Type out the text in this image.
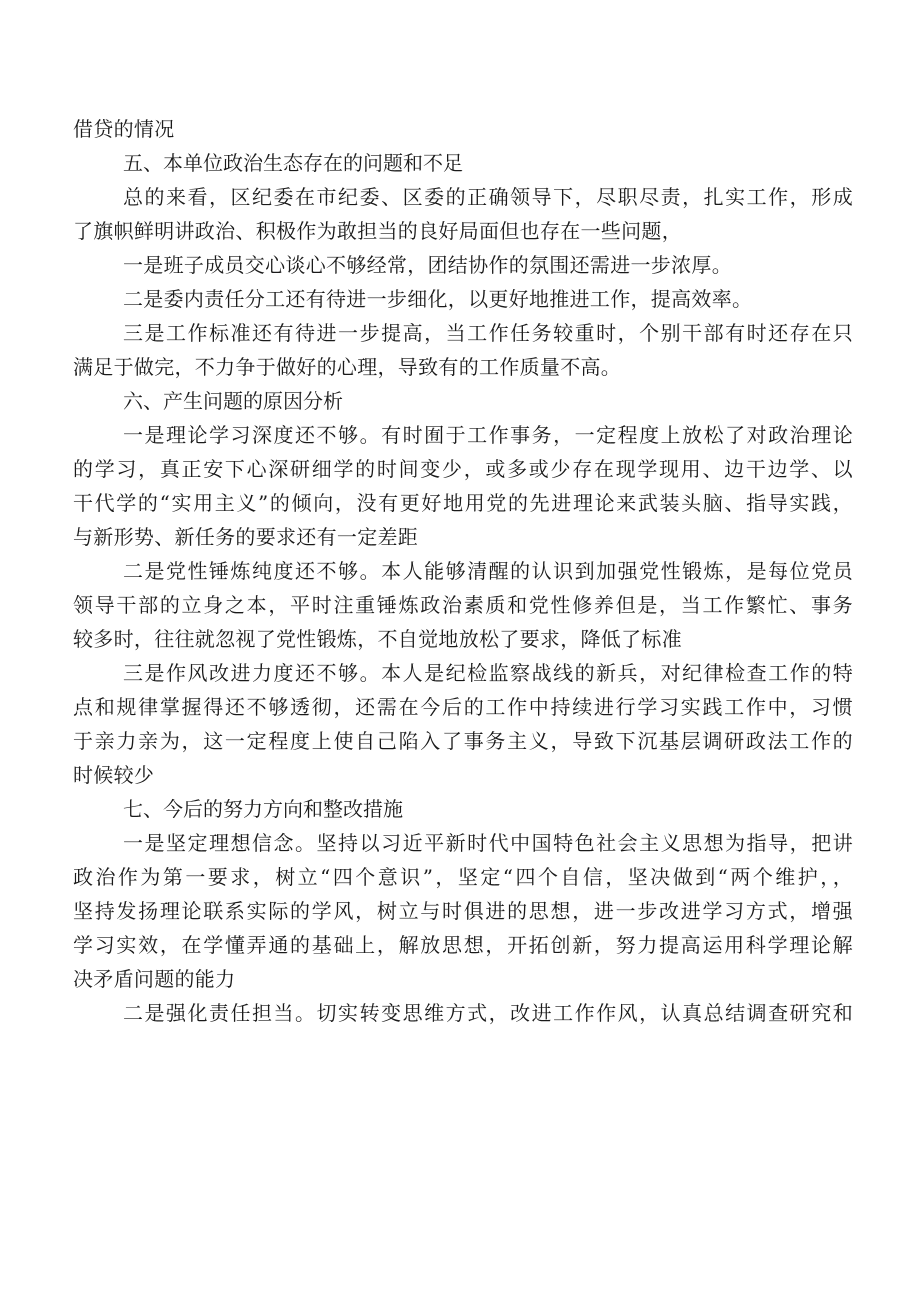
借贷的情况
五、本单位政治生态存在的问题和不足
总的来看，区纪委在市纪委、区委的正确领导下，尽职尽责，扎实工作，形成
了旗帜鲜明讲政治、积极作为敢担当的良好局面但也存在一些问题，
一是班子成员交心谈心不够经常，团结协作的氛围还需进一步浓厚。
二是委内责任分工还有待进一步细化，以更好地推进工作，提高效率。
三是工作标准还有待进一步提高，当工作任务较重时，个别干部有时还存在只
满足于做完，不力争于做好的心理，导致有的工作质量不高。
六、产生问题的原因分析
一是理论学习深度还不够。有时囿于工作事务，一定程度上放松了对政治理论
的学习，真正安下心深研细学的时间变少，或多或少存在现学现用、边干边学、以
干代学的“实用主义”的倾向，没有更好地用党的先进理论来武装头脑、指导实践，
与新形势、新任务的要求还有一定差距
二是党性锤炼纯度还不够。本人能够清醒的认识到加强党性锻炼，是每位党员
领导干部的立身之本，平时注重锤炼政治素质和党性修养但是，当工作繁忙、事务
较多时，往往就忽视了党性锻炼，不自觉地放松了要求，降低了标准
三是作风改进力度还不够。本人是纪检监察战线的新兵，对纪律检查工作的特
点和规律掌握得还不够透彻，还需在今后的工作中持续进行学习实践工作中，习惯
于亲力亲为，这一定程度上使自己陷入了事务主义，导致下沉基层调研政法工作的
时候较少
七、今后的努力方向和整改措施
一是坚定理想信念。坚持以习近平新时代中国特色社会主义思想为指导，把讲
政治作为第一要求，树立“四个意识”，坚定“四个自信，坚决做到“两个维护，，
坚持发扬理论联系实际的学风，树立与时俱进的思想，进一步改进学习方式，增强
学习实效，在学懂弄通的基础上，解放思想，开拓创新，努力提高运用科学理论解
决矛盾问题的能力
二是强化责任担当。切实转变思维方式，改进工作作风，认真总结调查研究和
